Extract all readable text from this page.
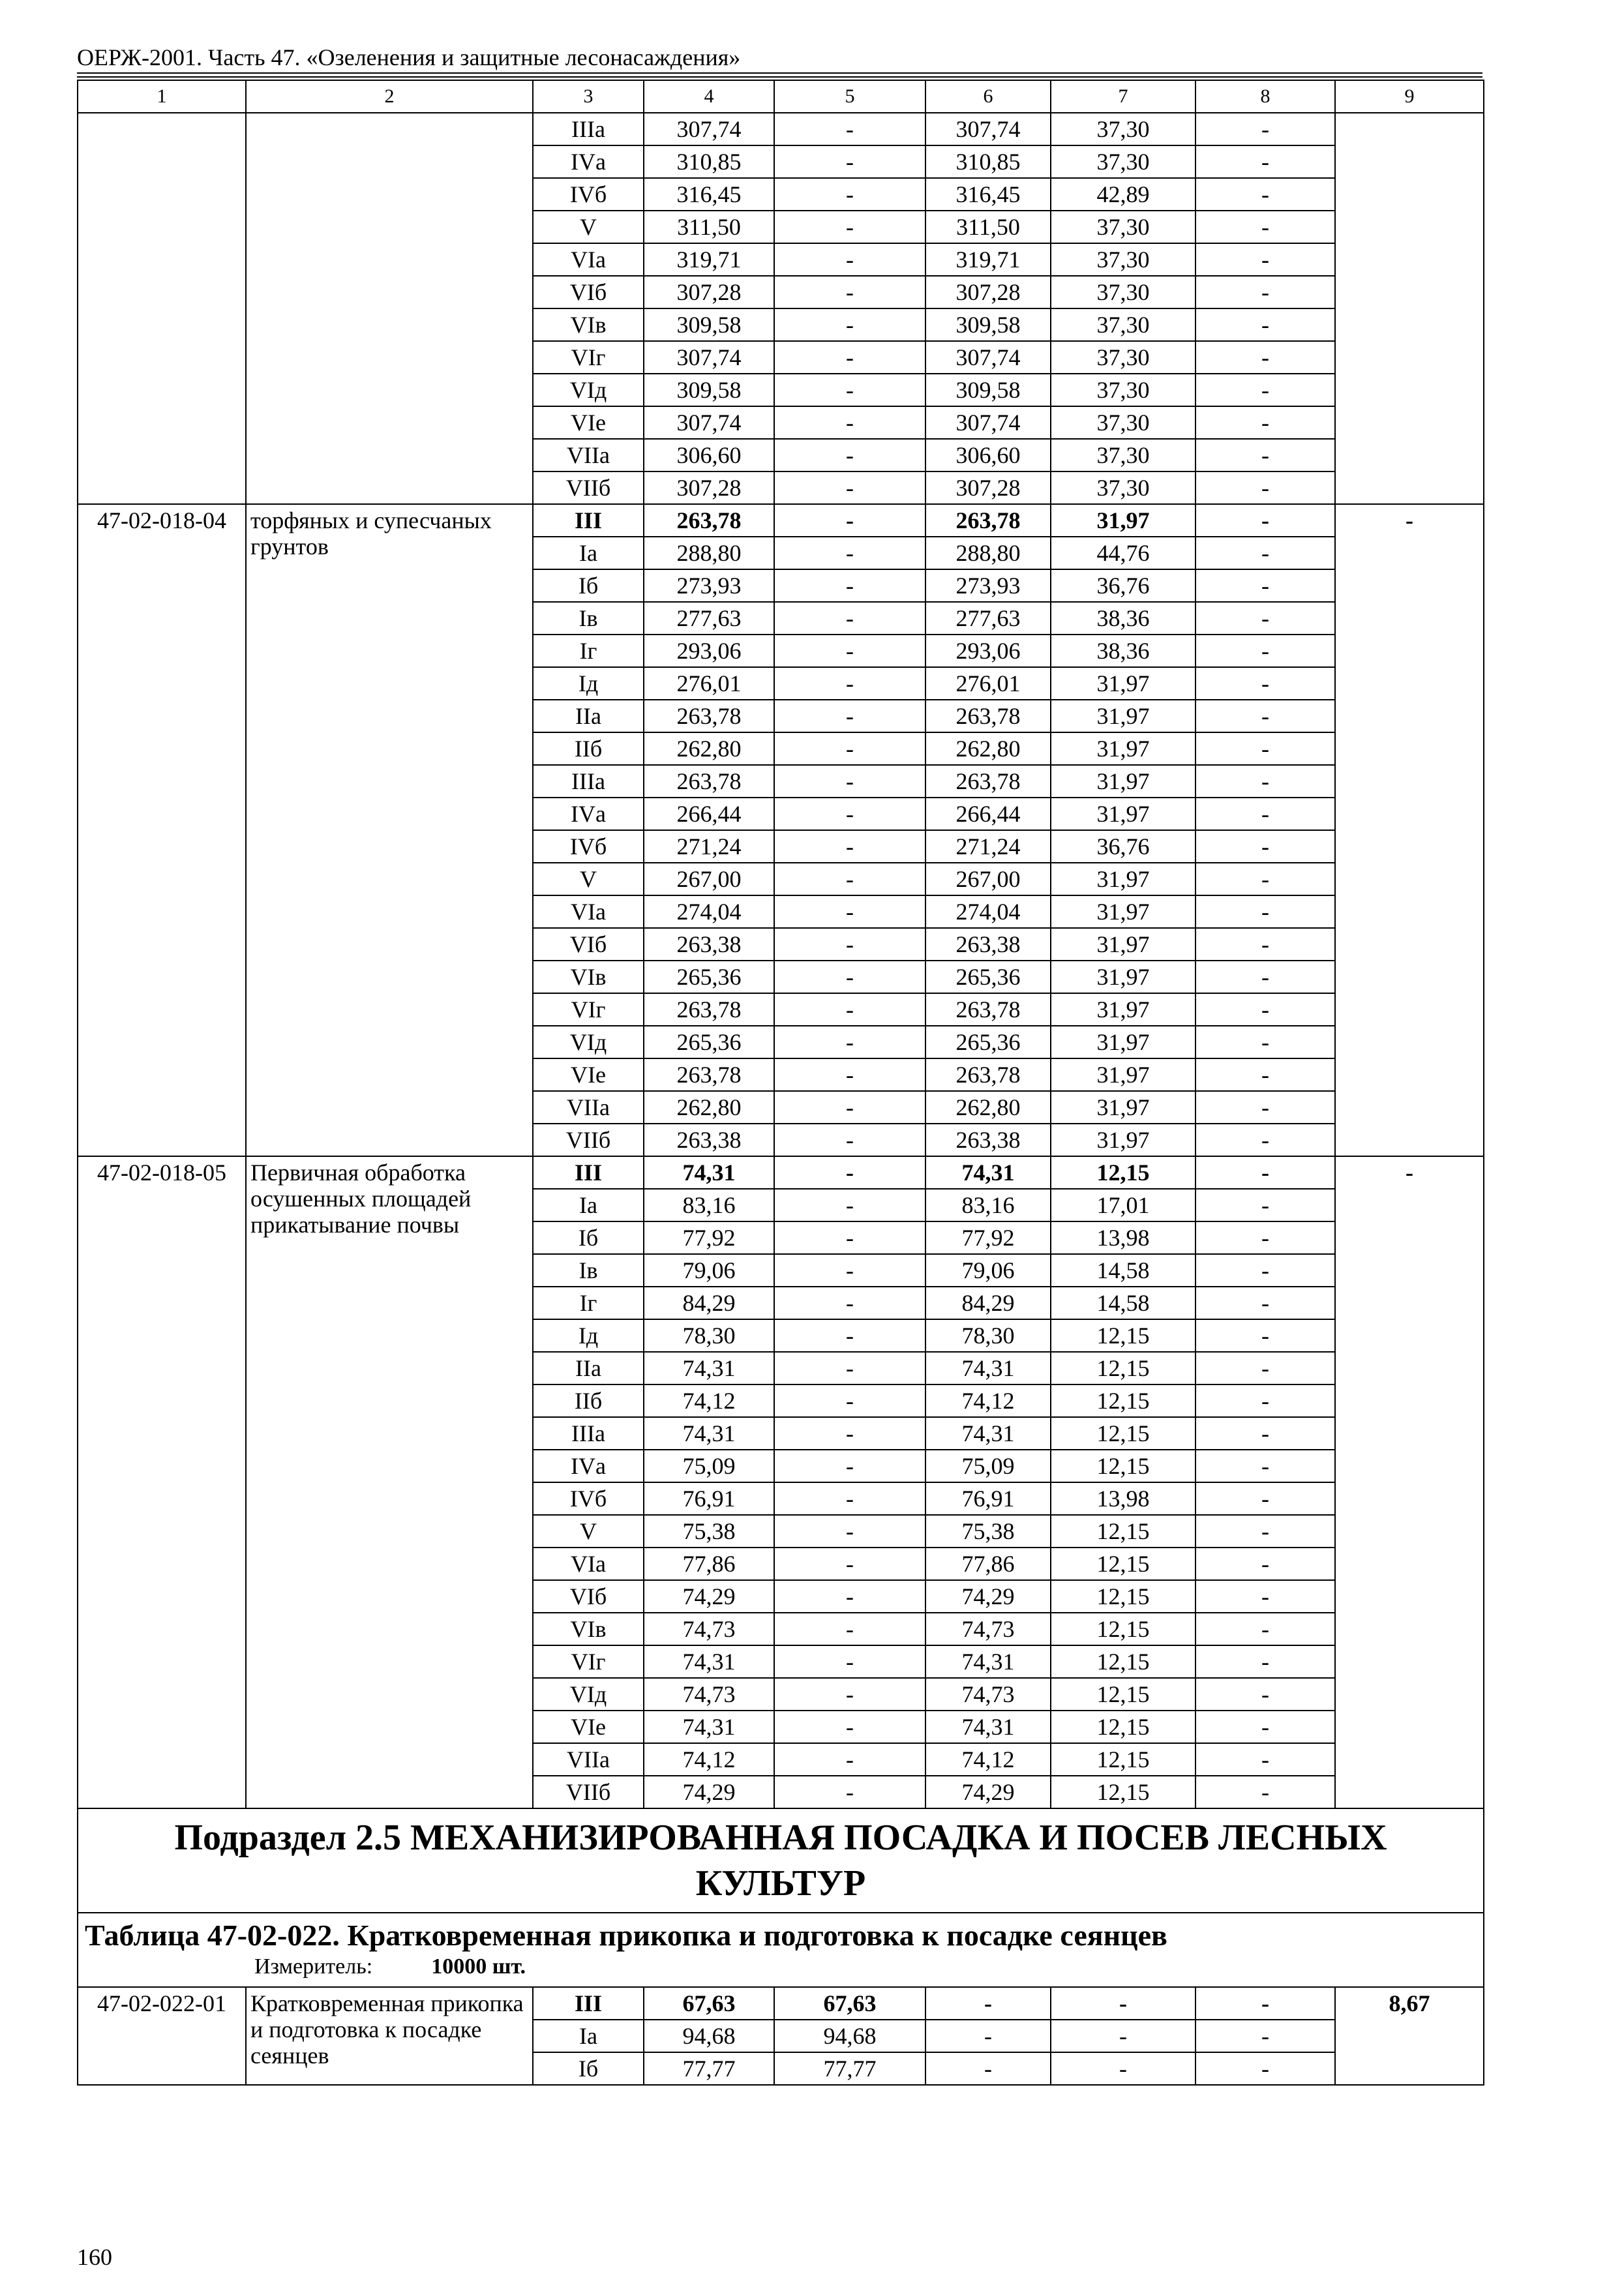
ОЕРЖ-2001. Часть 47. «Озеленения и защитные лесонасаждения»
1	2	3	4	5	6	7	8	9
		IIIа	307,74	-	307,74	37,30	-	
		IVа	310,85	-	310,85	37,30	-	
		IVб	316,45	-	316,45	42,89	-	
		V	311,50	-	311,50	37,30	-	
		VIа	319,71	-	319,71	37,30	-	
		VIб	307,28	-	307,28	37,30	-	
		VIв	309,58	-	309,58	37,30	-	
		VIг	307,74	-	307,74	37,30	-	
		VIд	309,58	-	309,58	37,30	-	
		VIе	307,74	-	307,74	37,30	-	
		VIIа	306,60	-	306,60	37,30	-	
		VIIб	307,28	-	307,28	37,30	-	
47-02-018-04	торфяных и супесчаных грунтов	III	263,78	-	263,78	31,97	-	-
		Iа	288,80	-	288,80	44,76	-	
		Iб	273,93	-	273,93	36,76	-	
		Iв	277,63	-	277,63	38,36	-	
		Iг	293,06	-	293,06	38,36	-	
		Iд	276,01	-	276,01	31,97	-	
		IIа	263,78	-	263,78	31,97	-	
		IIб	262,80	-	262,80	31,97	-	
		IIIа	263,78	-	263,78	31,97	-	
		IVа	266,44	-	266,44	31,97	-	
		IVб	271,24	-	271,24	36,76	-	
		V	267,00	-	267,00	31,97	-	
		VIа	274,04	-	274,04	31,97	-	
		VIб	263,38	-	263,38	31,97	-	
		VIв	265,36	-	265,36	31,97	-	
		VIг	263,78	-	263,78	31,97	-	
		VIд	265,36	-	265,36	31,97	-	
		VIе	263,78	-	263,78	31,97	-	
		VIIа	262,80	-	262,80	31,97	-	
		VIIб	263,38	-	263,38	31,97	-	
47-02-018-05	Первичная обработка осушенных площадей прикатывание почвы	III	74,31	-	74,31	12,15	-	-
		Iа	83,16	-	83,16	17,01	-	
		Iб	77,92	-	77,92	13,98	-	
		Iв	79,06	-	79,06	14,58	-	
		Iг	84,29	-	84,29	14,58	-	
		Iд	78,30	-	78,30	12,15	-	
		IIа	74,31	-	74,31	12,15	-	
		IIб	74,12	-	74,12	12,15	-	
		IIIа	74,31	-	74,31	12,15	-	
		IVа	75,09	-	75,09	12,15	-	
		IVб	76,91	-	76,91	13,98	-	
		V	75,38	-	75,38	12,15	-	
		VIа	77,86	-	77,86	12,15	-	
		VIб	74,29	-	74,29	12,15	-	
		VIв	74,73	-	74,73	12,15	-	
		VIг	74,31	-	74,31	12,15	-	
		VIд	74,73	-	74,73	12,15	-	
		VIе	74,31	-	74,31	12,15	-	
		VIIа	74,12	-	74,12	12,15	-	
		VIIб	74,29	-	74,29	12,15	-	
Подраздел 2.5 МЕХАНИЗИРОВАННАЯ ПОСАДКА И ПОСЕВ ЛЕСНЫХ КУЛЬТУР								
Таблица 47-02-022. Кратковременная прикопка и подготовка к посадке сеянцев
Измеритель: 10000 шт.								

47-02-022-01	Кратковременная прикопка и подготовка к посадке сеянцев	III	67,63	67,63	-	-	-	8,67
		Iа	94,68	94,68	-	-	-	
		Iб	77,77	77,77	-	-	-	
160
